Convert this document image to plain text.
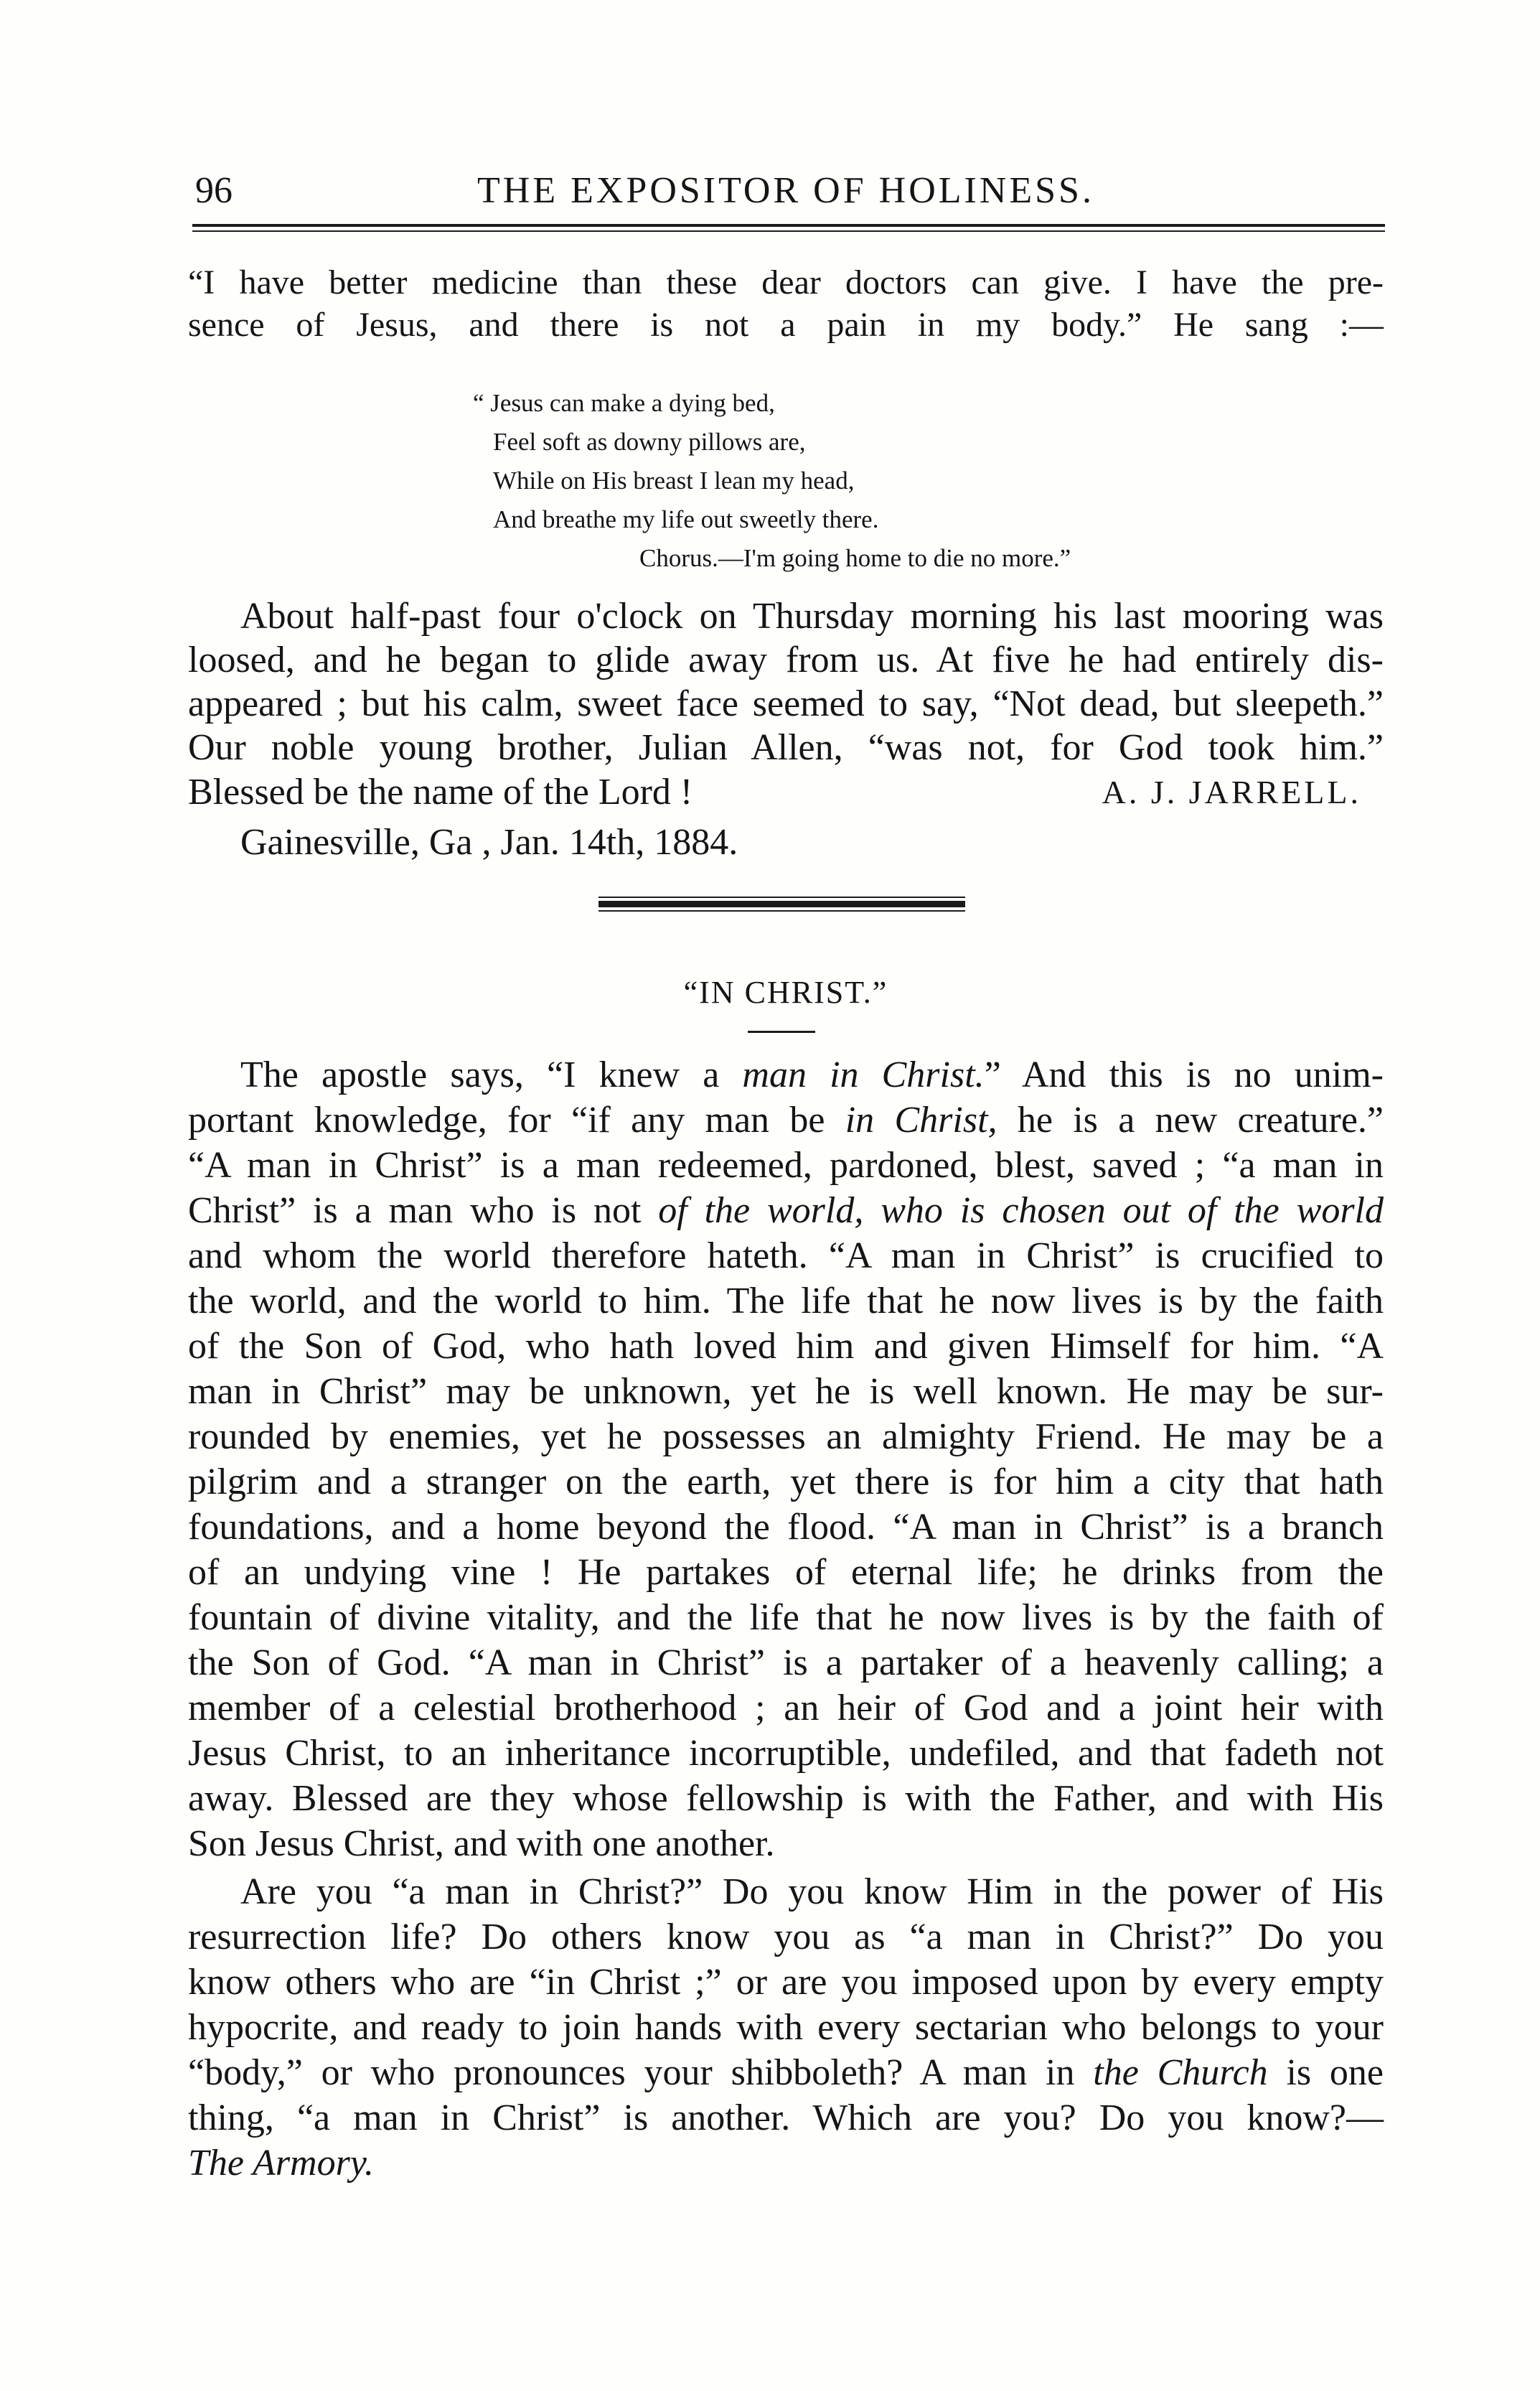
96	THE EXPOSITOR OF HOLINESS.
“I have better medicine than these dear doctors can give. I have the pre-
sence of Jesus, and there is not a pain in my body.” He sang :—
“ Jesus can make a dying bed,
Feel soft as downy pillows are,
While on His breast I lean my head,
And breathe my life out sweetly there.
Chorus.—I'm going home to die no more.”
About half-past four o'clock on Thursday morning his last mooring was
loosed, and he began to glide away from us. At five he had entirely dis-
appeared ; but his calm, sweet face seemed to say, “Not dead, but sleepeth.”
Our noble young brother, Julian Allen, “was not, for God took him.”
Blessed be the name of the Lord !	A. J. JARRELL.
Gainesville, Ga , Jan. 14th, 1884.
“IN CHRIST.”
The apostle says, “I knew a man in Christ.” And this is no unim-
portant knowledge, for “if any man be in Christ, he is a new creature.”
“A man in Christ” is a man redeemed, pardoned, blest, saved ; “a man in
Christ” is a man who is not of the world, who is chosen out of the world
and whom the world therefore hateth. “A man in Christ” is crucified to
the world, and the world to him. The life that he now lives is by the faith
of the Son of God, who hath loved him and given Himself for him. “A
man in Christ” may be unknown, yet he is well known. He may be sur-
rounded by enemies, yet he possesses an almighty Friend. He may be a
pilgrim and a stranger on the earth, yet there is for him a city that hath
foundations, and a home beyond the flood. “A man in Christ” is a branch
of an undying vine ! He partakes of eternal life; he drinks from the
fountain of divine vitality, and the life that he now lives is by the faith of
the Son of God. “A man in Christ” is a partaker of a heavenly calling; a
member of a celestial brotherhood ; an heir of God and a joint heir with
Jesus Christ, to an inheritance incorruptible, undefiled, and that fadeth not
away. Blessed are they whose fellowship is with the Father, and with His
Son Jesus Christ, and with one another.
Are you “a man in Christ?” Do you know Him in the power of His
resurrection life? Do others know you as “a man in Christ?” Do you
know others who are “in Christ ;” or are you imposed upon by every empty
hypocrite, and ready to join hands with every sectarian who belongs to your
“body,” or who pronounces your shibboleth? A man in the Church is one
thing, “a man in Christ” is another. Which are you? Do you know?—
The Armory.
